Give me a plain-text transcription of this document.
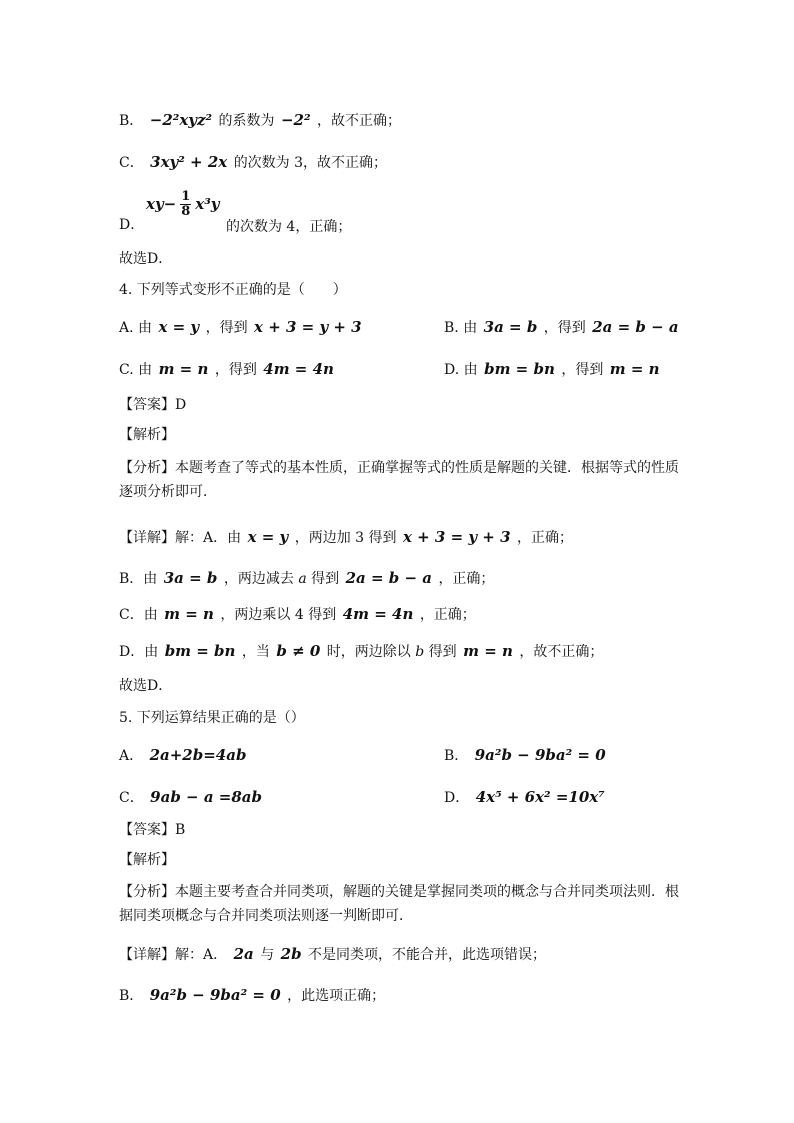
B． −2²xyz² 的系数为 −2² ，故不正确；
C． 3xy² + 2x 的次数为 3，故不正确；
D．
$xy- \frac{1}{8} x^3y$ 的次数为 4，正确；
故选D．
4. 下列等式变形不正确的是（　　）
A. 由 x = y ，得到 x + 3 = y + 3	B. 由 3a = b ，得到 2a = b − a
C. 由 m = n ，得到 4m = 4n	D. 由 bm = bn ，得到 m = n
【答案】D
【解析】
【分析】本题考查了等式的基本性质，正确掌握等式的性质是解题的关键．根据等式的性质逐项分析即可．
【详解】解：A．由 x = y ，两边加 3 得到 x + 3 = y + 3 ，正确；
B．由 3a = b ，两边减去 a 得到 2a = b − a ，正确；
C．由 m = n ，两边乘以 4 得到 4m = 4n ，正确；
D．由 bm = bn ，当 b ≠ 0 时，两边除以 b 得到 m = n ，故不正确；
故选D．
5. 下列运算结果正确的是（）
A． 2a+2b=4ab	B． 9a²b − 9ba² = 0
C． 9ab − a =8ab	D． 4x⁵ + 6x² =10x⁷
【答案】B
【解析】
【分析】本题主要考查合并同类项，解题的关键是掌握同类项的概念与合并同类项法则．根据同类项概念与合并同类项法则逐一判断即可．
【详解】解：A． 2a 与 2b 不是同类项，不能合并，此选项错误；
B． 9a²b − 9ba² = 0 ，此选项正确；
